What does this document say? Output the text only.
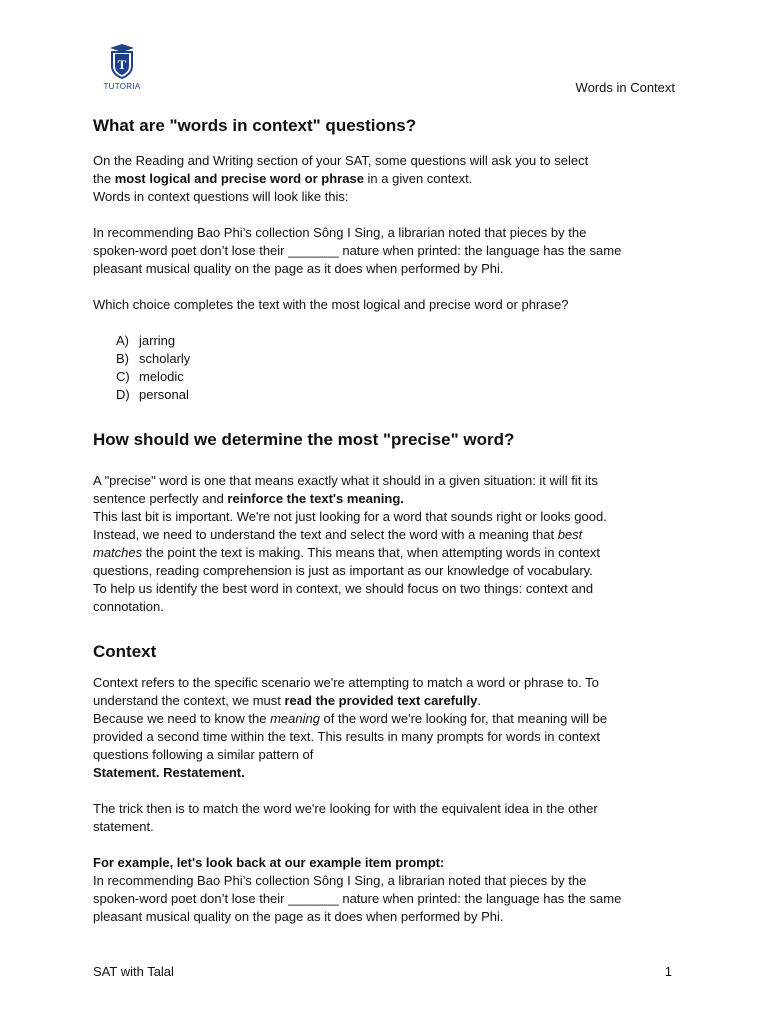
T
TUTORIA	Words in Context
What are "words in context" questions?

On the Reading and Writing section of your SAT, some questions will ask you to select

the most logical and precise word or phrase in a given context.

Words in context questions will look like this:

In recommending Bao Phi’s collection Sông I Sing, a librarian noted that pieces by the

spoken-word poet don’t lose their _______ nature when printed: the language has the same

pleasant musical quality on the page as it does when performed by Phi.

Which choice completes the text with the most logical and precise word or phrase?

A) jarring
B) scholarly
C) melodic
D) personal
How should we determine the most "precise" word?

A "precise" word is one that means exactly what it should in a given situation: it will fit its

sentence perfectly and reinforce the text's meaning.

This last bit is important. We're not just looking for a word that sounds right or looks good.

Instead, we need to understand the text and select the word with a meaning that best

matches the point the text is making. This means that, when attempting words in context

questions, reading comprehension is just as important as our knowledge of vocabulary.

To help us identify the best word in context, we should focus on two things: context and

connotation.

Context

Context refers to the specific scenario we're attempting to match a word or phrase to. To

understand the context, we must read the provided text carefully.

Because we need to know the meaning of the word we're looking for, that meaning will be

provided a second time within the text. This results in many prompts for words in context

questions following a similar pattern of

Statement. Restatement.

The trick then is to match the word we're looking for with the equivalent idea in the other

statement.

For example, let's look back at our example item prompt:

In recommending Bao Phi’s collection Sông I Sing, a librarian noted that pieces by the

spoken-word poet don’t lose their _______ nature when printed: the language has the same

pleasant musical quality on the page as it does when performed by Phi.

SAT with Talal	1
